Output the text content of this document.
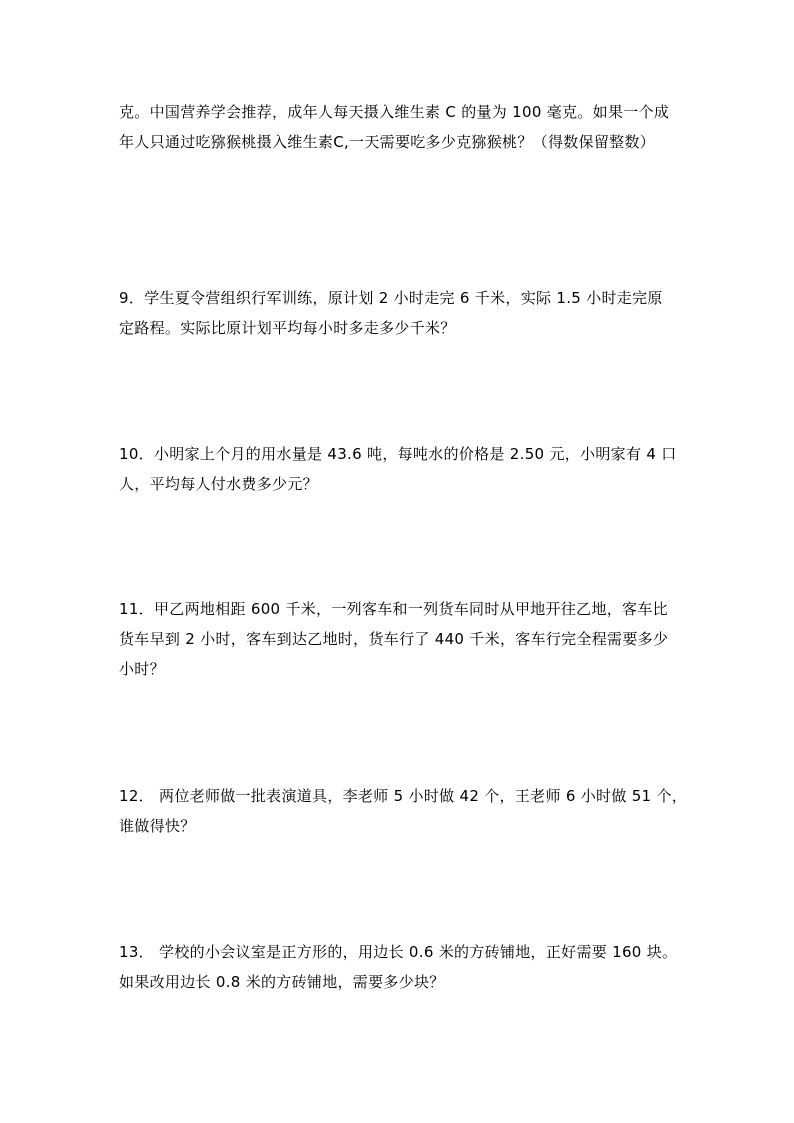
克。中国营养学会推荐，成年人每天摄入维生素 C 的量为 100 毫克。如果一个成
年人只通过吃猕猴桃摄入维生素C,一天需要吃多少克猕猴桃？（得数保留整数）
9．学生夏令营组织行军训练，原计划 2 小时走完 6 千米，实际 1.5 小时走完原
定路程。实际比原计划平均每小时多走多少千米？
10．小明家上个月的用水量是 43.6 吨，每吨水的价格是 2.50 元，小明家有 4 口
人，平均每人付水费多少元？
11．甲乙两地相距 600 千米，一列客车和一列货车同时从甲地开往乙地，客车比
货车早到 2 小时，客车到达乙地时，货车行了 440 千米，客车行完全程需要多少
小时？
12． 两位老师做一批表演道具，李老师 5 小时做 42 个，王老师 6 小时做 51 个，
谁做得快？
13． 学校的小会议室是正方形的，用边长 0.6 米的方砖铺地，正好需要 160 块。
如果改用边长 0.8 米的方砖铺地，需要多少块？
